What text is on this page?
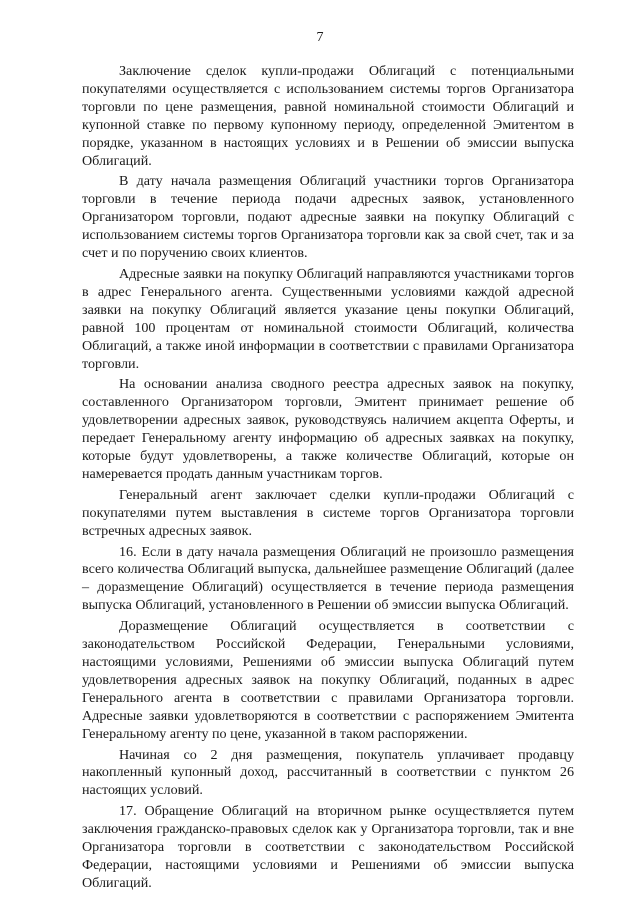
7

Заключение сделок купли-продажи Облигаций с потенциальными покупателями осуществляется с использованием системы торгов Организатора торговли по цене размещения, равной номинальной стоимости Облигаций и купонной ставке по первому купонному периоду, определенной Эмитентом в порядке, указанном в настоящих условиях и в Решении об эмиссии выпуска Облигаций.

В дату начала размещения Облигаций участники торгов Организатора торговли в течение периода подачи адресных заявок, установленного Организатором торговли, подают адресные заявки на покупку Облигаций с использованием системы торгов Организатора торговли как за свой счет, так и за счет и по поручению своих клиентов.

Адресные заявки на покупку Облигаций направляются участниками торгов в адрес Генерального агента. Существенными условиями каждой адресной заявки на покупку Облигаций является указание цены покупки Облигаций, равной 100 процентам от номинальной стоимости Облигаций, количества Облигаций, а также иной информации в соответствии с правилами Организатора торговли.

На основании анализа сводного реестра адресных заявок на покупку, составленного Организатором торговли, Эмитент принимает решение об удовлетворении адресных заявок, руководствуясь наличием акцепта Оферты, и передает Генеральному агенту информацию об адресных заявках на покупку, которые будут удовлетворены, а также количестве Облигаций, которые он намеревается продать данным участникам торгов.

Генеральный агент заключает сделки купли-продажи Облигаций с покупателями путем выставления в системе торгов Организатора торговли встречных адресных заявок.

16. Если в дату начала размещения Облигаций не произошло размещения всего количества Облигаций выпуска, дальнейшее размещение Облигаций (далее – доразмещение Облигаций) осуществляется в течение периода размещения выпуска Облигаций, установленного в Решении об эмиссии выпуска Облигаций.

Доразмещение Облигаций осуществляется в соответствии с законодательством Российской Федерации, Генеральными условиями, настоящими условиями, Решениями об эмиссии выпуска Облигаций путем удовлетворения адресных заявок на покупку Облигаций, поданных в адрес Генерального агента в соответствии с правилами Организатора торговли. Адресные заявки удовлетворяются в соответствии с распоряжением Эмитента Генеральному агенту по цене, указанной в таком распоряжении.

Начиная со 2 дня размещения, покупатель уплачивает продавцу накопленный купонный доход, рассчитанный в соответствии с пунктом 26 настоящих условий.

17. Обращение Облигаций на вторичном рынке осуществляется путем заключения гражданско-правовых сделок как у Организатора торговли, так и вне Организатора торговли в соответствии с законодательством Российской Федерации, настоящими условиями и Решениями об эмиссии выпуска Облигаций.
